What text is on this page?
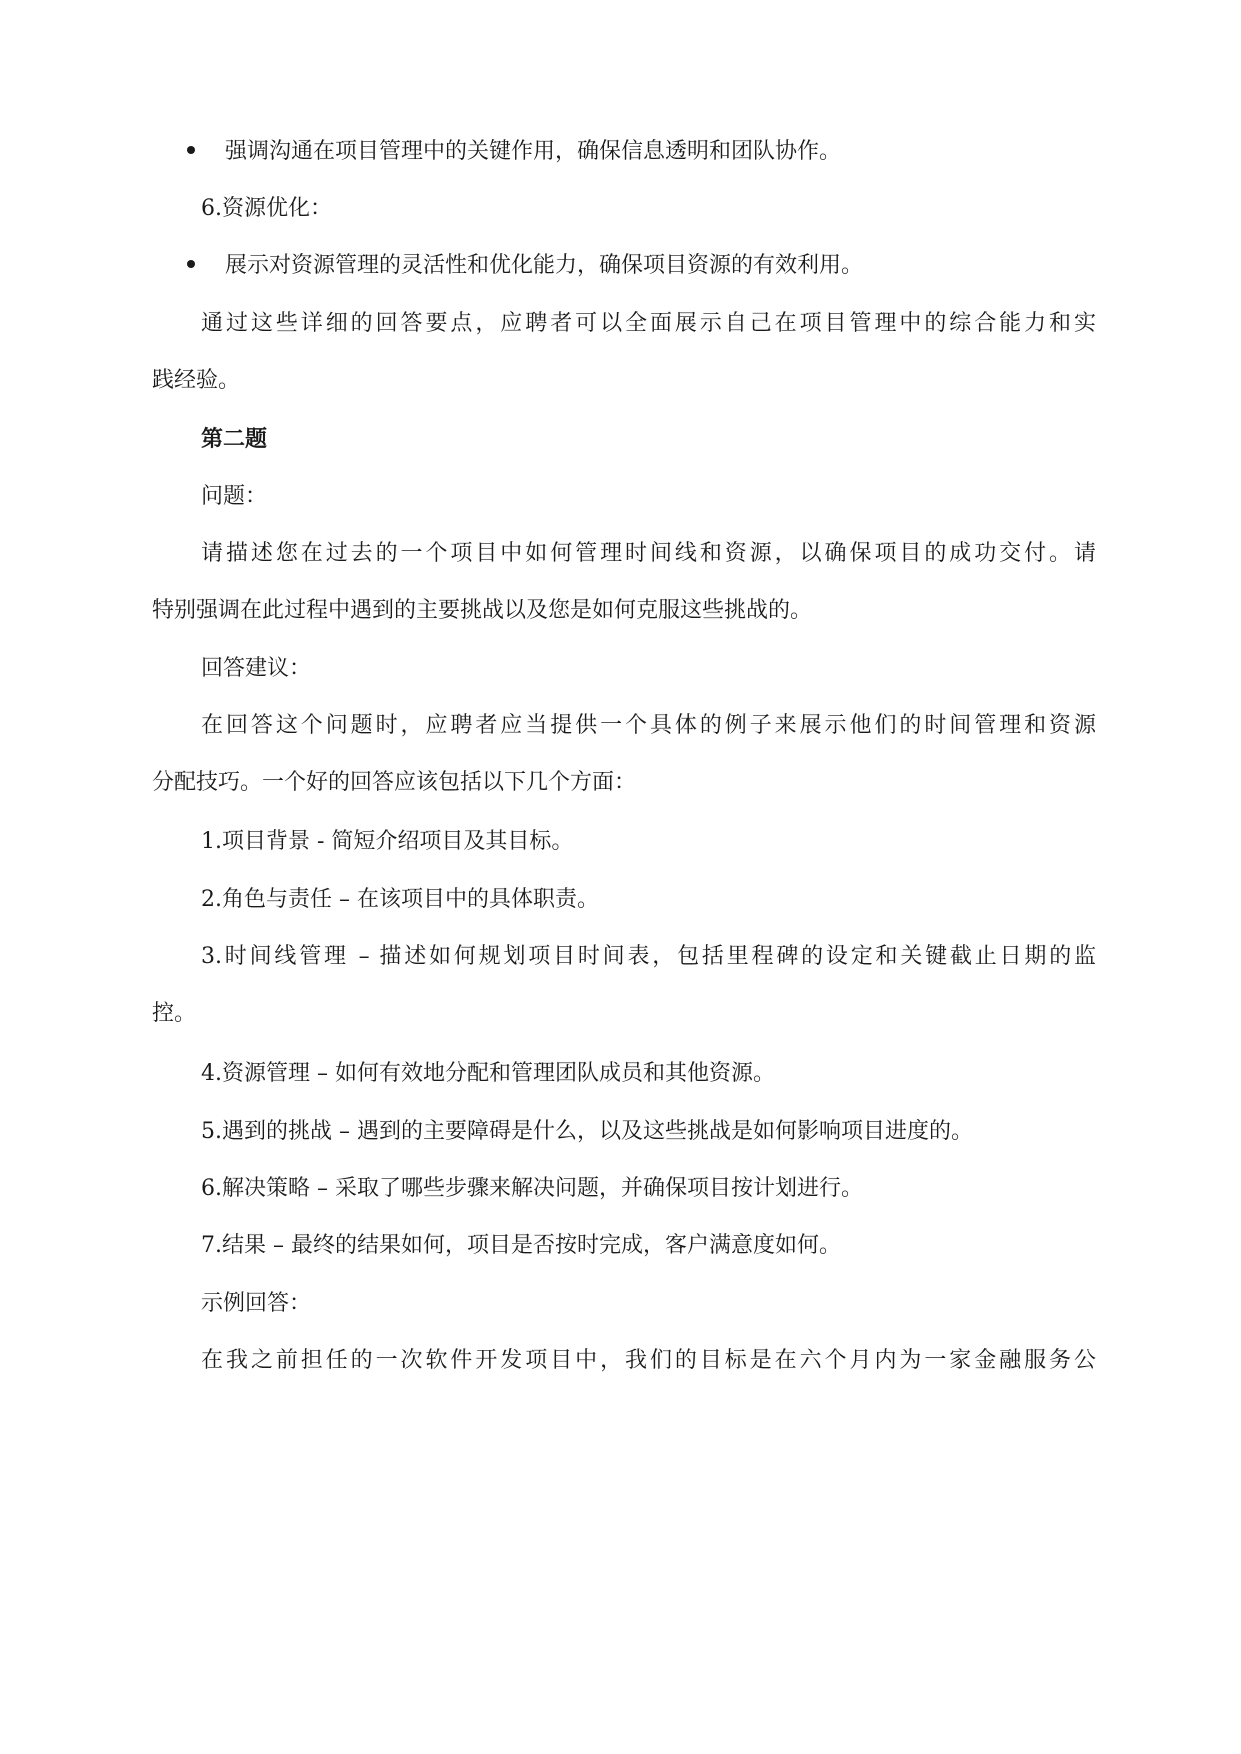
强调沟通在项目管理中的关键作用，确保信息透明和团队协作。
6.资源优化：
展示对资源管理的灵活性和优化能力，确保项目资源的有效利用。
通过这些详细的回答要点，应聘者可以全面展示自己在项目管理中的综合能力和实
践经验。
第二题
问题：
请描述您在过去的一个项目中如何管理时间线和资源，以确保项目的成功交付。请
特别强调在此过程中遇到的主要挑战以及您是如何克服这些挑战的。
回答建议：
在回答这个问题时，应聘者应当提供一个具体的例子来展示他们的时间管理和资源
分配技巧。一个好的回答应该包括以下几个方面：
1.项目背景 - 简短介绍项目及其目标。
2.角色与责任 – 在该项目中的具体职责。
3.时间线管理 – 描述如何规划项目时间表，包括里程碑的设定和关键截止日期的监
控。
4.资源管理 – 如何有效地分配和管理团队成员和其他资源。
5.遇到的挑战 – 遇到的主要障碍是什么，以及这些挑战是如何影响项目进度的。
6.解决策略 – 采取了哪些步骤来解决问题，并确保项目按计划进行。
7.结果 – 最终的结果如何，项目是否按时完成，客户满意度如何。
示例回答：
在我之前担任的一次软件开发项目中，我们的目标是在六个月内为一家金融服务公
